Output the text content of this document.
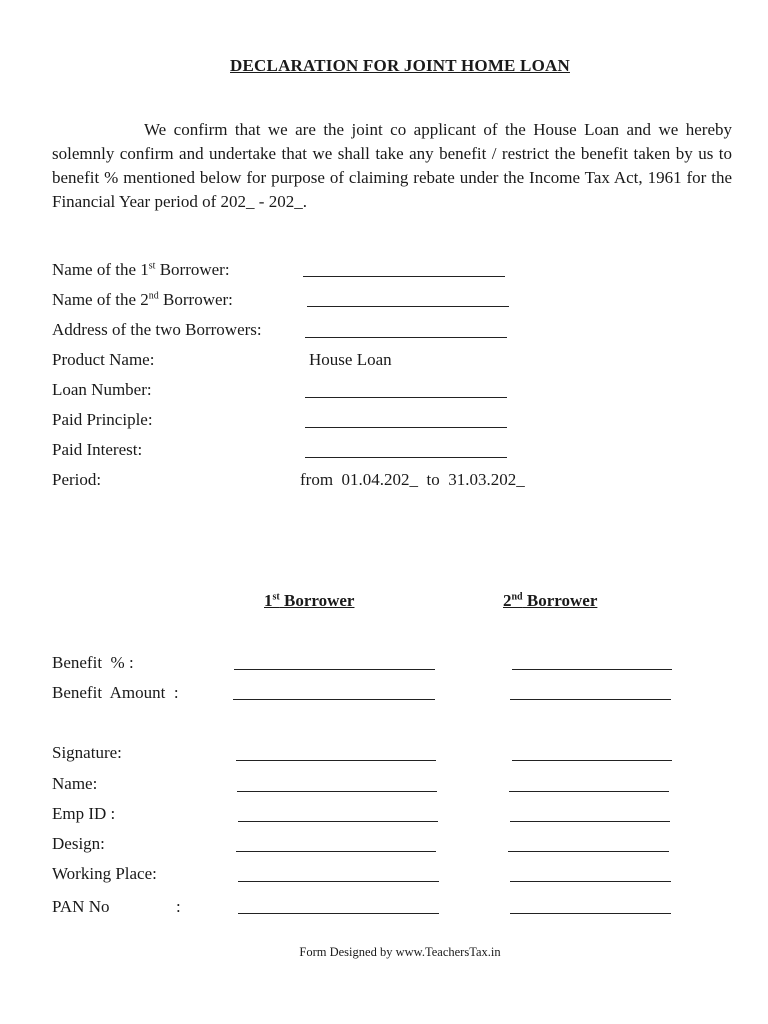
DECLARATION FOR JOINT HOME LOAN
We confirm that we are the joint co applicant of the House Loan and we hereby solemnly confirm and undertake that we shall take any benefit / restrict the benefit taken by us to benefit % mentioned below for purpose of claiming rebate under the Income Tax Act, 1961 for the Financial Year period of 202_ - 202_.
Name of the 1st Borrower:
Name of the 2nd Borrower:
Address of the two Borrowers:
Product Name:	House Loan
Loan Number:
Paid Principle:
Paid Interest:
Period:	from  01.04.202_  to  31.03.202_
1st Borrower	2nd Borrower
Benefit  % :
Benefit  Amount  :
Signature:
Name:
Emp ID :
Design:
Working Place:
PAN No	:
Form Designed by www.TeachersTax.in
